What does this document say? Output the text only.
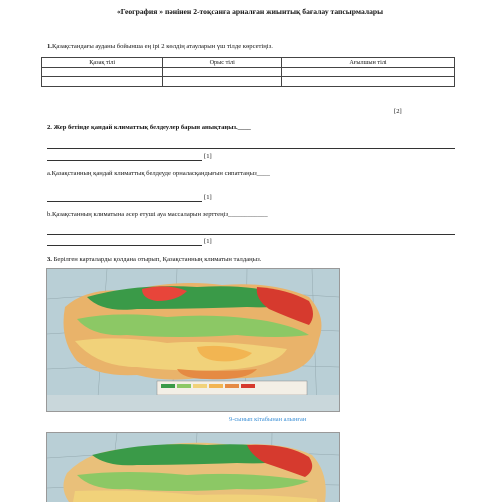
«География » пәнінен 2-тоқсанға арналған жиынтық бағалау тапсырмалары
1.Қазақстандағы ауданы бойынша ең ірі 2 көлдің атауларын үш тілде көрсетіңіз.
Қазақ тілі	Орыс тілі	Ағылшын тілі

[2]
2. Жер бетінде қандай климаттық белдеулер барын анықтаңыз.____
[1]
a.Қазақстанның қандай климаттық белдеуде орналасқандығын сипаттаңыз____
[1]
b.Қазақстанның климатына әсер етуші ауа массаларын зерттеңіз____________
[1]
3. Берілген карталарды қолдана отырып, Қазақстанның климатын талдаңыз.
9-сынып кітабынан алынған
